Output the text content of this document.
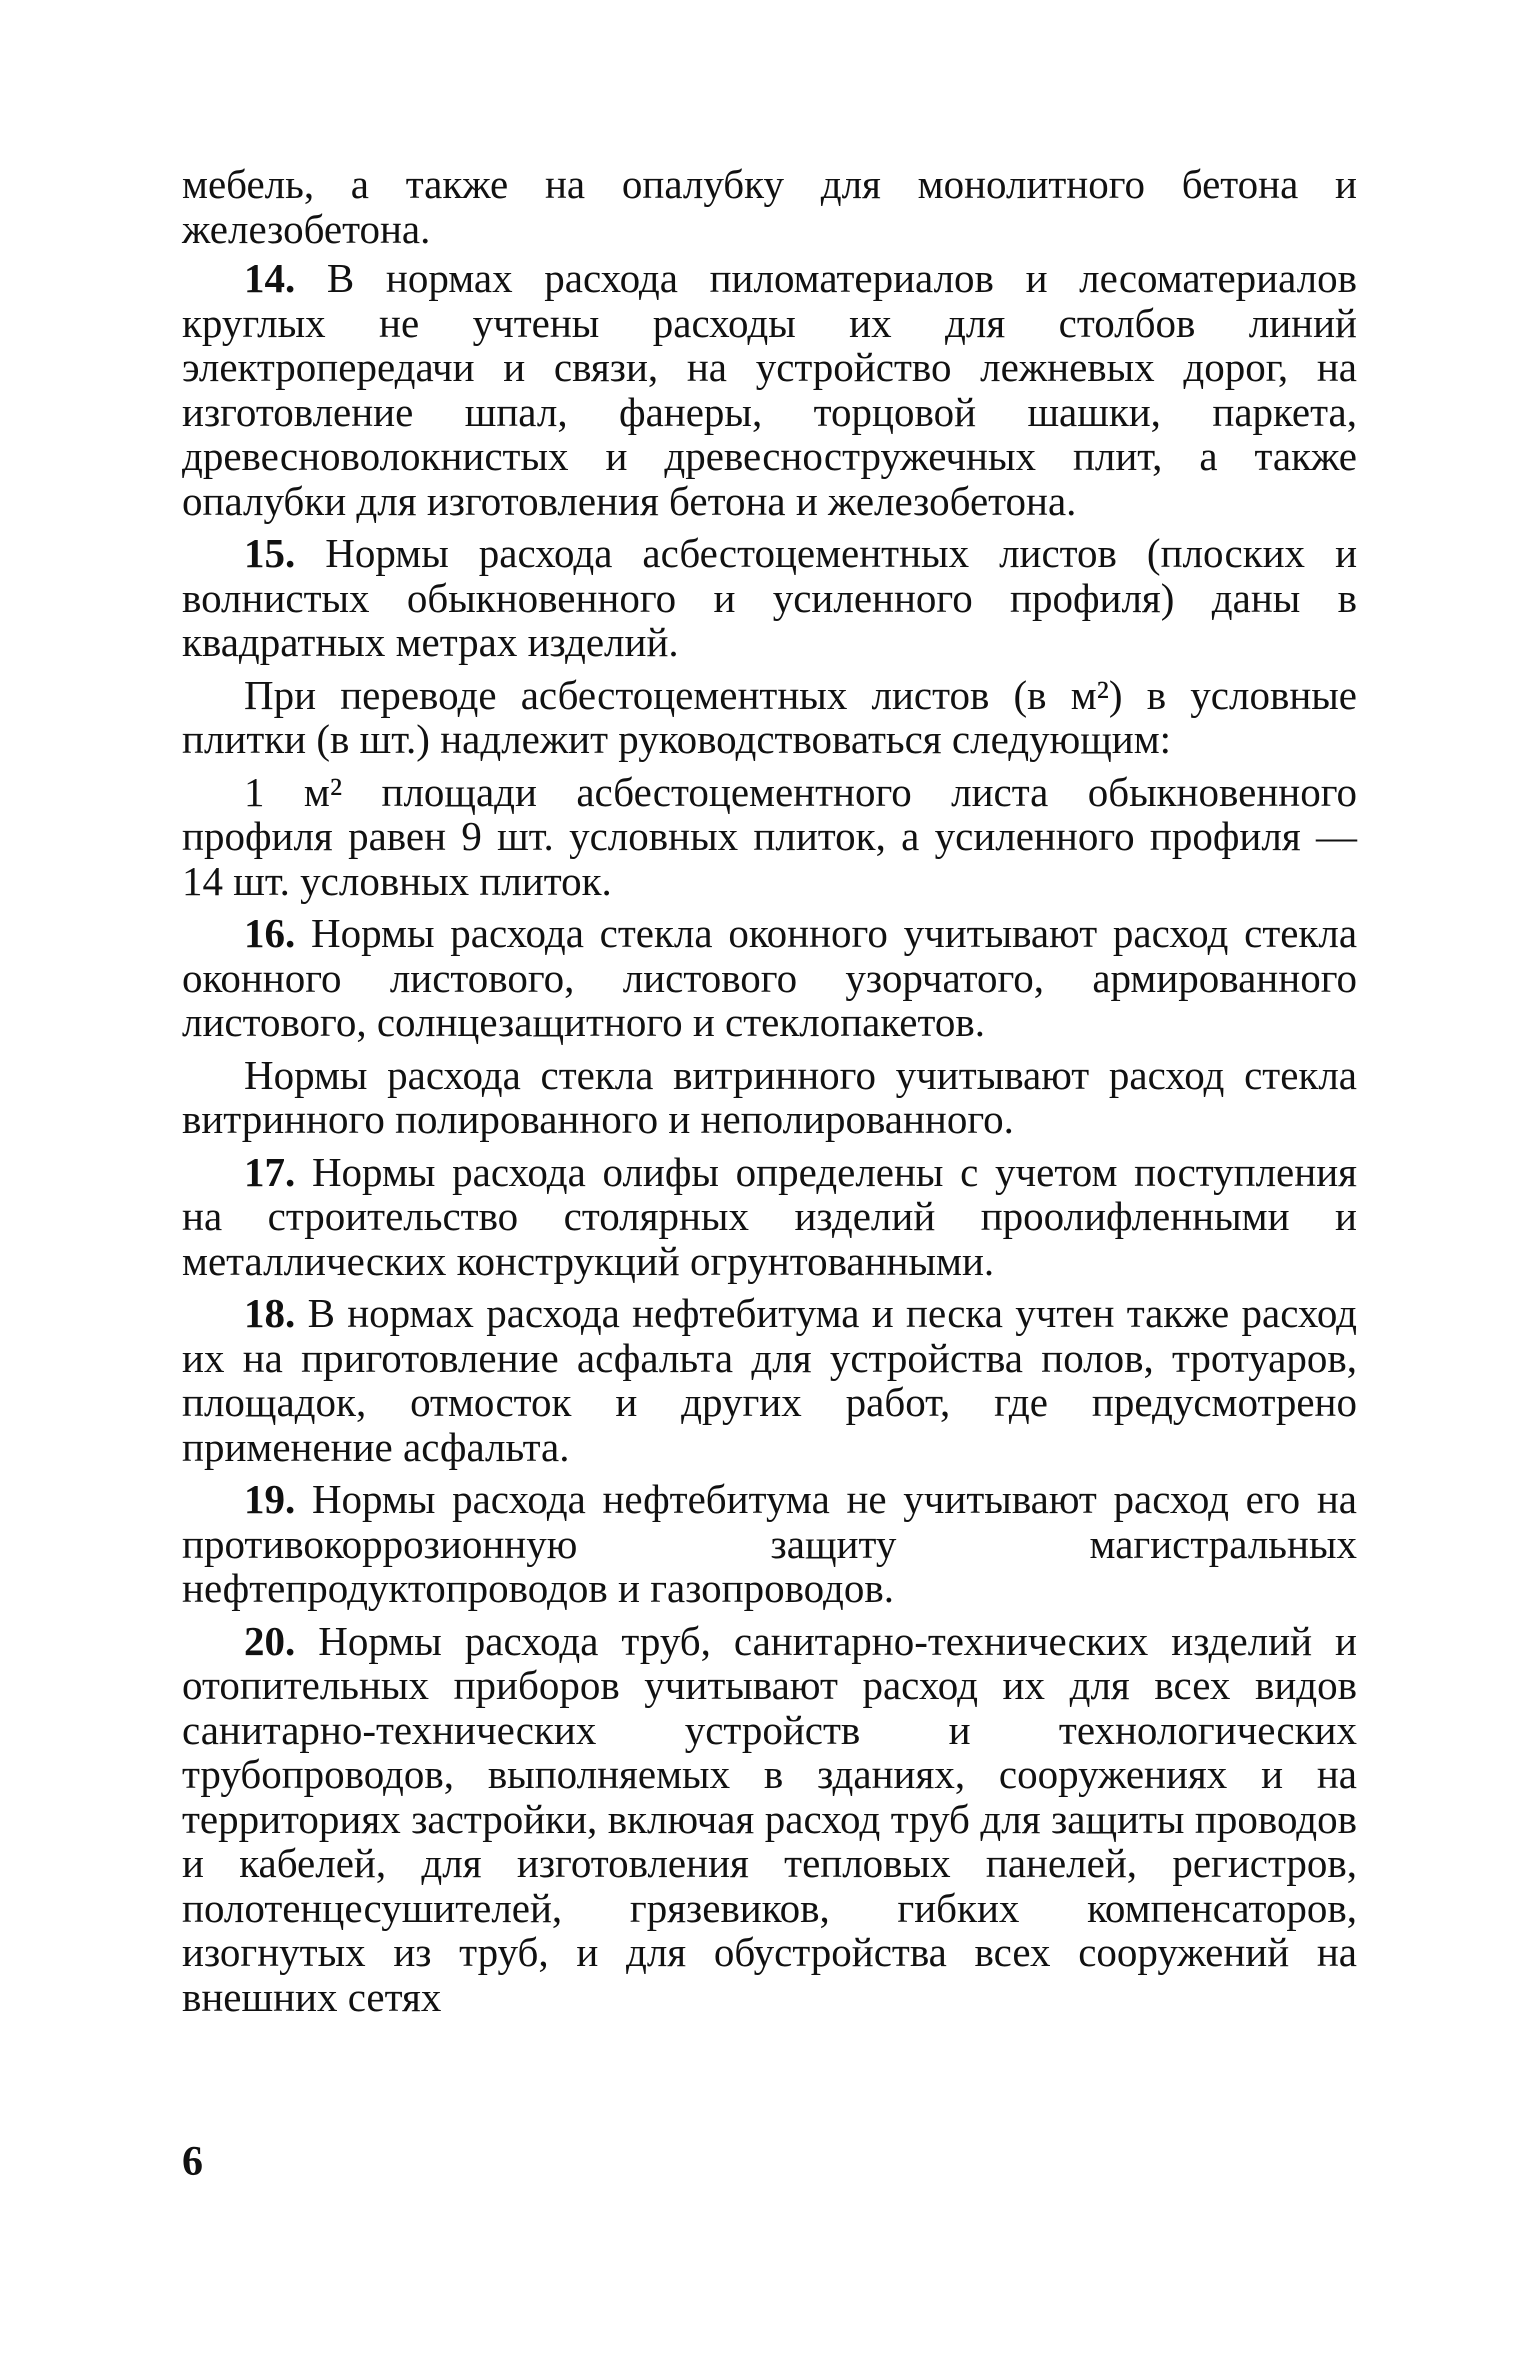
мебель, а также на опалубку для монолитного бетона и железобетона.

14. В нормах расхода пиломатериалов и лесоматериалов круглых не учтены расходы их для столбов линий электропередачи и связи, на устройство лежневых дорог, на изготовление шпал, фанеры, торцовой шашки, паркета, древесноволокнистых и древесностружечных плит, а также опалубки для изготовления бетона и железобетона.

15. Нормы расхода асбестоцементных листов (плоских и волнистых обыкновенного и усиленного профиля) даны в квадратных метрах изделий.

При переводе асбестоцементных листов (в м²) в условные плитки (в шт.) надлежит руководствоваться следующим:

1 м² площади асбестоцементного листа обыкновенного профиля равен 9 шт. условных плиток, а усиленного профиля — 14 шт. условных плиток.

16. Нормы расхода стекла оконного учитывают расход стекла оконного листового, листового узорчатого, армированного листового, солнцезащитного и стеклопакетов.

Нормы расхода стекла витринного учитывают расход стекла витринного полированного и неполированного.

17. Нормы расхода олифы определены с учетом поступления на строительство столярных изделий проолифленными и металлических конструкций огрунтованными.

18. В нормах расхода нефтебитума и песка учтен также расход их на приготовление асфальта для устройства полов, тротуаров, площадок, отмосток и других работ, где предусмотрено применение асфальта.

19. Нормы расхода нефтебитума не учитывают расход его на противокоррозионную защиту магистральных нефтепродуктопроводов и газопроводов.

20. Нормы расхода труб, санитарно-технических изделий и отопительных приборов учитывают расход их для всех видов санитарно-технических устройств и технологических трубопроводов, выполняемых в зданиях, сооружениях и на территориях застройки, включая расход труб для защиты проводов и кабелей, для изготовления тепловых панелей, регистров, полотенцесушителей, грязевиков, гибких компенсаторов, изогнутых из труб, и для обустройства всех сооружений на внешних сетях

6
